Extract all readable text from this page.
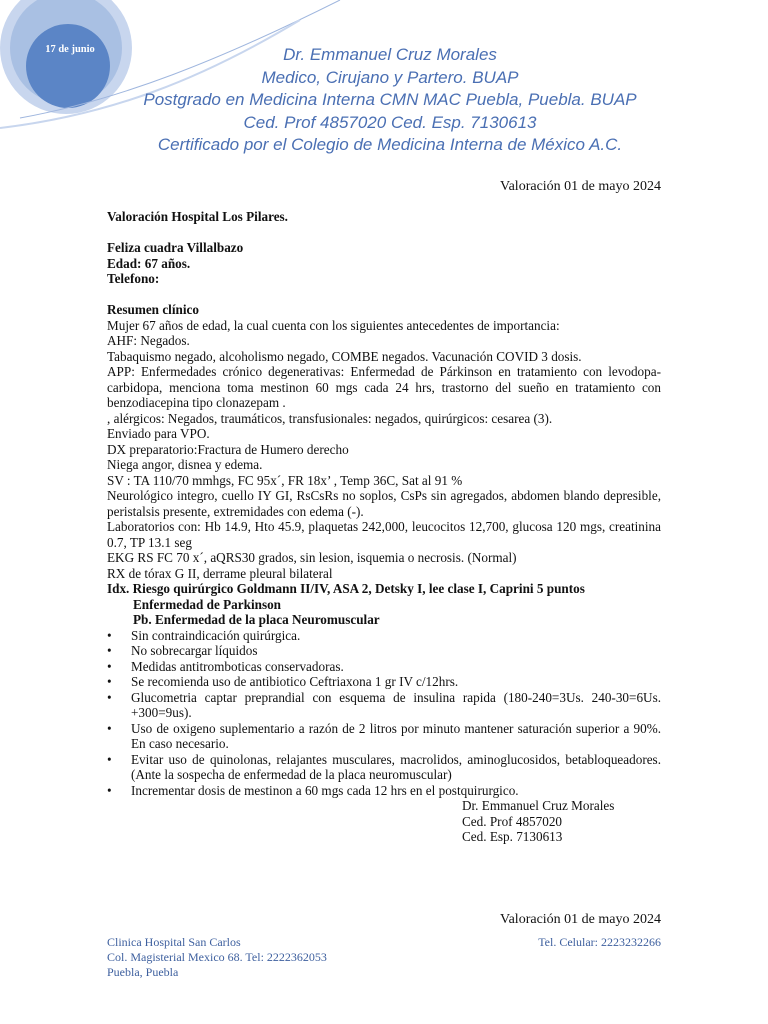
17 de junio	Dr. Emmanuel Cruz Morales
Medico, Cirujano y Partero. BUAP
Postgrado en Medicina Interna CMN MAC Puebla, Puebla. BUAP
Ced. Prof 4857020 Ced. Esp. 7130613
Certificado por el Colegio de Medicina Interna de México A.C.
Valoración 01 de mayo 2024

Valoración Hospital Los Pilares.

Feliza cuadra Villalbazo

Edad: 67 años.

Telefono:

Resumen clínico

Mujer 67 años de edad, la cual cuenta con los siguientes antecedentes de importancia:

AHF: Negados.

Tabaquismo negado, alcoholismo negado, COMBE negados. Vacunación COVID 3 dosis.

APP: Enfermedades crónico degenerativas: Enfermedad de Párkinson en tratamiento con levodopa-carbidopa, menciona toma mestinon 60 mgs cada 24 hrs, trastorno del sueño en tratamiento con benzodiacepina tipo clonazepam .

, alérgicos: Negados, traumáticos, transfusionales: negados, quirúrgicos: cesarea (3).

Enviado para VPO.

DX preparatorio:Fractura de Humero derecho

Niega angor, disnea y edema.

SV : TA 110/70 mmhgs, FC 95x´, FR 18x’ , Temp 36C, Sat al 91 %

Neurológico integro, cuello IY GI, RsCsRs no soplos, CsPs sin agregados, abdomen blando depresible, peristalsis presente, extremidades con edema (-).

Laboratorios con: Hb 14.9, Hto 45.9, plaquetas 242,000, leucocitos 12,700, glucosa 120 mgs, creatinina 0.7, TP 13.1 seg

EKG RS FC 70 x´, aQRS30 grados, sin lesion, isquemia o necrosis. (Normal)

RX de tórax G II, derrame pleural bilateral

Idx. Riesgo quirúrgico Goldmann II/IV, ASA 2, Detsky I, lee clase I, Caprini 5 puntos

Enfermedad de Parkinson

Pb. Enfermedad de la placa Neuromuscular

• Sin contraindicación quirúrgica.
• No sobrecargar líquidos
• Medidas antitromboticas conservadoras.
• Se recomienda uso de antibiotico Ceftriaxona 1 gr IV c/12hrs.
• Glucometria captar preprandial con esquema de insulina rapida (180-240=3Us. 240-30=6Us. +300=9us).
• Uso de oxigeno suplementario a razón de 2 litros por minuto mantener saturación superior a 90%. En caso necesario.
• Evitar uso de quinolonas, relajantes musculares, macrolidos, aminoglucosidos, betabloqueadores. (Ante la sospecha de enfermedad de la placa neuromuscular)
• Incrementar dosis de mestinon a 60 mgs cada 12 hrs en el postquirurgico.

Dr. Emmanuel Cruz Morales

Ced. Prof 4857020

Ced. Esp. 7130613

Valoración 01 de mayo 2024
Clinica Hospital San Carlos
Col. Magisterial Mexico 68. Tel: 2222362053
Puebla, Puebla
Tel. Celular: 2223232266
